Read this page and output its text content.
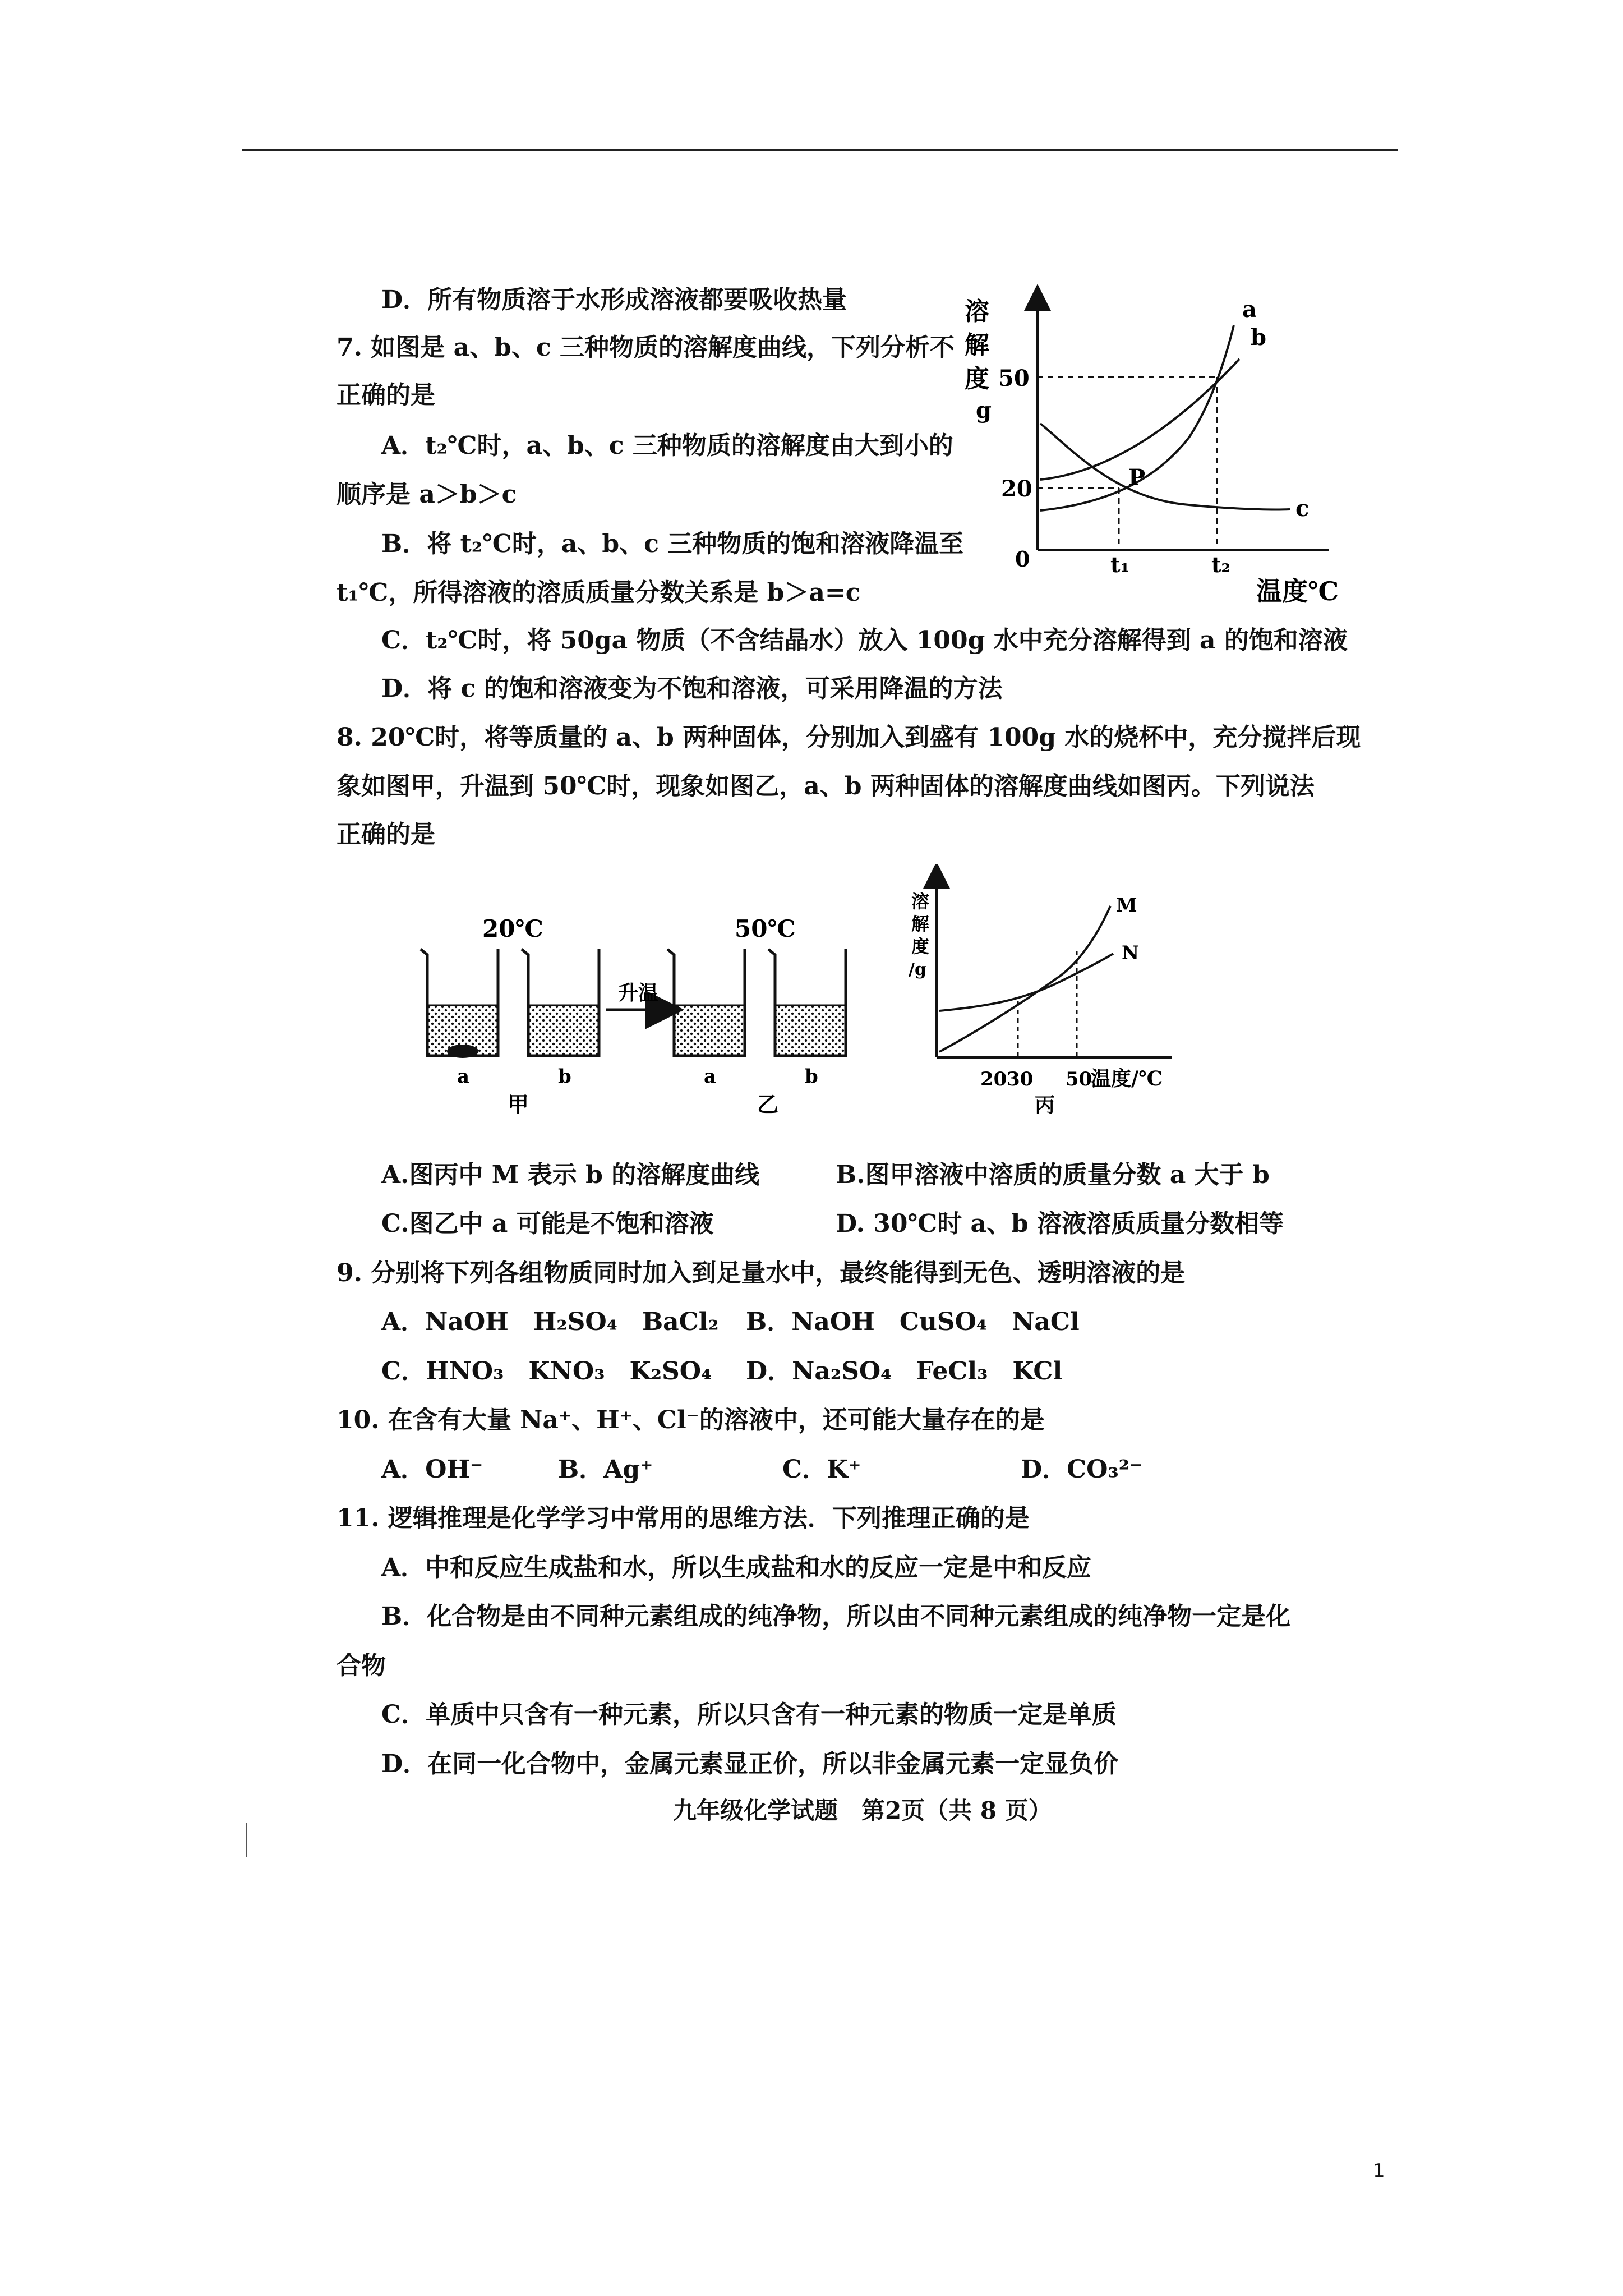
D．所有物质溶于水形成溶液都要吸收热量
7. 如图是 a、b、c 三种物质的溶解度曲线，下列分析不
正确的是
A．t₂℃时，a、b、c 三种物质的溶解度由大到小的
顺序是 a＞b＞c
B．将 t₂℃时，a、b、c 三种物质的饱和溶液降温至
t₁℃，所得溶液的溶质质量分数关系是 b＞a=c
C．t₂℃时，将 50ga 物质（不含结晶水）放入 100g 水中充分溶解得到 a 的饱和溶液
D．将 c 的饱和溶液变为不饱和溶液，可采用降温的方法
溶
解
度
g
50
20
0	t₁	t₂
温度℃
a
b
c
P
8. 20℃时，将等质量的 a、b 两种固体，分别加入到盛有 100g 水的烧杯中，充分搅拌后现
象如图甲，升温到 50℃时，现象如图乙，a、b 两种固体的溶解度曲线如图丙。下列说法
正确的是
20℃	50℃
升温
a	b	a	b
甲	乙
溶
解
度
/g
M
N
20 30 50
温度/℃
丙
A.图丙中 M 表示 b 的溶解度曲线	B.图甲溶液中溶质的质量分数 a 大于 b
C.图乙中 a 可能是不饱和溶液	D. 30℃时 a、b 溶液溶质质量分数相等
9. 分别将下列各组物质同时加入到足量水中，最终能得到无色、透明溶液的是
A．NaOH　H₂SO₄　BaCl₂ B．NaOH　CuSO₄　NaCl
C．HNO₃　KNO₃　K₂SO₄ D．Na₂SO₄　FeCl₃　KCl
10. 在含有大量 Na⁺、H⁺、Cl⁻的溶液中，还可能大量存在的是
A．OH⁻	B．Ag⁺	C．K⁺	D．CO₃²⁻
11. 逻辑推理是化学学习中常用的思维方法．下列推理正确的是
A．中和反应生成盐和水，所以生成盐和水的反应一定是中和反应
B．化合物是由不同种元素组成的纯净物，所以由不同种元素组成的纯净物一定是化
合物
C．单质中只含有一种元素，所以只含有一种元素的物质一定是单质
D．在同一化合物中，金属元素显正价，所以非金属元素一定显负价
九年级化学试题　第2页（共 8 页）
1
